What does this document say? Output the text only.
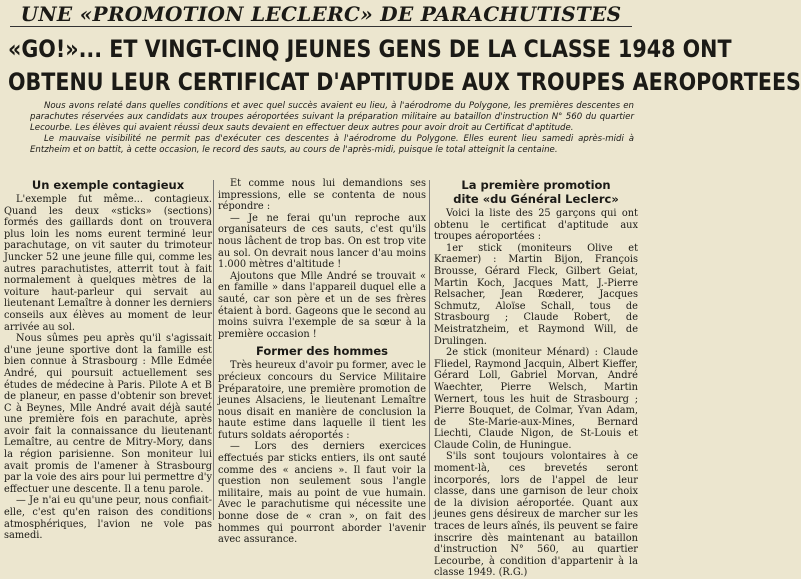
UNE «PROMOTION LECLERC» DE PARACHUTISTES
«GO!»... ET VINGT-CINQ JEUNES GENS DE LA CLASSE 1948 ONT
OBTENU LEUR CERTIFICAT D'APTITUDE AUX TROUPES AEROPORTEES

Nous avons relaté dans quelles conditions et avec quel succès avaient eu lieu, à l'aérodrome du Polygone, les premières descentes en parachutes réservées aux candidats aux troupes aéroportées suivant la préparation militaire au bataillon d'instruction N° 560 du quartier Lecourbe. Les élèves qui avaient réussi deux sauts devaient en effectuer deux autres pour avoir droit au Certificat d'aptitude.

Le mauvaise visibilité ne permit pas d'exécuter ces descentes à l'aérodrome du Polygone. Elles eurent lieu samedi après-midi à Entzheim et on battit, à cette occasion, le record des sauts, au cours de l'après-midi, puisque le total atteignit la centaine.

Un exemple contagieux

L'exemple fut même... contagieux. Quand les deux «sticks» (sections) formés des gaillards dont on trouvera plus loin les noms eurent terminé leur parachutage, on vit sauter du trimoteur Juncker 52 une jeune fille qui, comme les autres parachutistes, atterrit tout à fait normalement à quelques mètres de la voiture haut-parleur qui servait au lieutenant Lemaître à donner les derniers conseils aux élèves au moment de leur arrivée au sol.

Nous sûmes peu après qu'il s'agissait d'une jeune sportive dont la famille est bien connue à Strasbourg : Mlle Edmée André, qui poursuit actuellement ses études de médecine à Paris. Pilote A et B de planeur, en passe d'obtenir son brevet C à Beynes, Mlle André avait déjà sauté une première fois en parachute, après avoir fait la connaissance du lieutenant Lemaître, au centre de Mitry-Mory, dans la région parisienne. Son moniteur lui avait promis de l'amener à Strasbourg par la voie des airs pour lui permettre d'y effectuer une descente. Il a tenu parole.

— Je n'ai eu qu'une peur, nous confiait-elle, c'est qu'en raison des conditions atmosphériques, l'avion ne vole pas samedi.

Et comme nous lui demandions ses impressions, elle se contenta de nous répondre :

— Je ne ferai qu'un reproche aux organisateurs de ces sauts, c'est qu'ils nous lâchent de trop bas. On est trop vite au sol. On devrait nous lancer d'au moins 1.000 mètres d'altitude !

Ajoutons que Mlle André se trouvait « en famille » dans l'appareil duquel elle a sauté, car son père et un de ses frères étaient à bord. Gageons que le second au moins suivra l'exemple de sa sœur à la première occasion !

Former des hommes

Très heureux d'avoir pu former, avec le précieux concours du Service Militaire Préparatoire, une première promotion de jeunes Alsaciens, le lieutenant Lemaître nous disait en manière de conclusion la haute estime dans laquelle il tient les futurs soldats aéroportés :

— Lors des derniers exercices effectués par sticks entiers, ils ont sauté comme des « anciens ». Il faut voir la question non seulement sous l'angle militaire, mais au point de vue humain. Avec le parachutisme qui nécessite une bonne dose de « cran », on fait des hommes qui pourront aborder l'avenir avec assurance.

La première promotion
dite «du Général Leclerc»

Voici la liste des 25 garçons qui ont obtenu le certificat d'aptitude aux troupes aéroportées :

1er stick (moniteurs Olive et Kraemer) : Martin Bijon, François Brousse, Gérard Fleck, Gilbert Geiat, Martin Koch, Jacques Matt, J.-Pierre Relsacher, Jean Rœderer, Jacques Schmutz, Aloïse Schall, tous de Strasbourg ; Claude Robert, de Meistratzheim, et Raymond Will, de Drulingen.

2e stick (moniteur Ménard) : Claude Fliedel, Raymond Jacquin, Albert Kieffer, Gérard Loll, Gabriel Morvan, André Waechter, Pierre Welsch, Martin Wernert, tous les huit de Strasbourg ; Pierre Bouquet, de Colmar, Yvan Adam, de Ste-Marie-aux-Mines, Bernard Liechti, Claude Nigon, de St-Louis et Claude Colin, de Huningue.

S'ils sont toujours volontaires à ce moment-là, ces brevetés seront incorporés, lors de l'appel de leur classe, dans une garnison de leur choix de la division aéroportée. Quant aux jeunes gens désireux de marcher sur les traces de leurs aînés, ils peuvent se faire inscrire dès maintenant au bataillon d'instruction N° 560, au quartier Lecourbe, à condition d'appartenir à la classe 1949. (R.G.)
